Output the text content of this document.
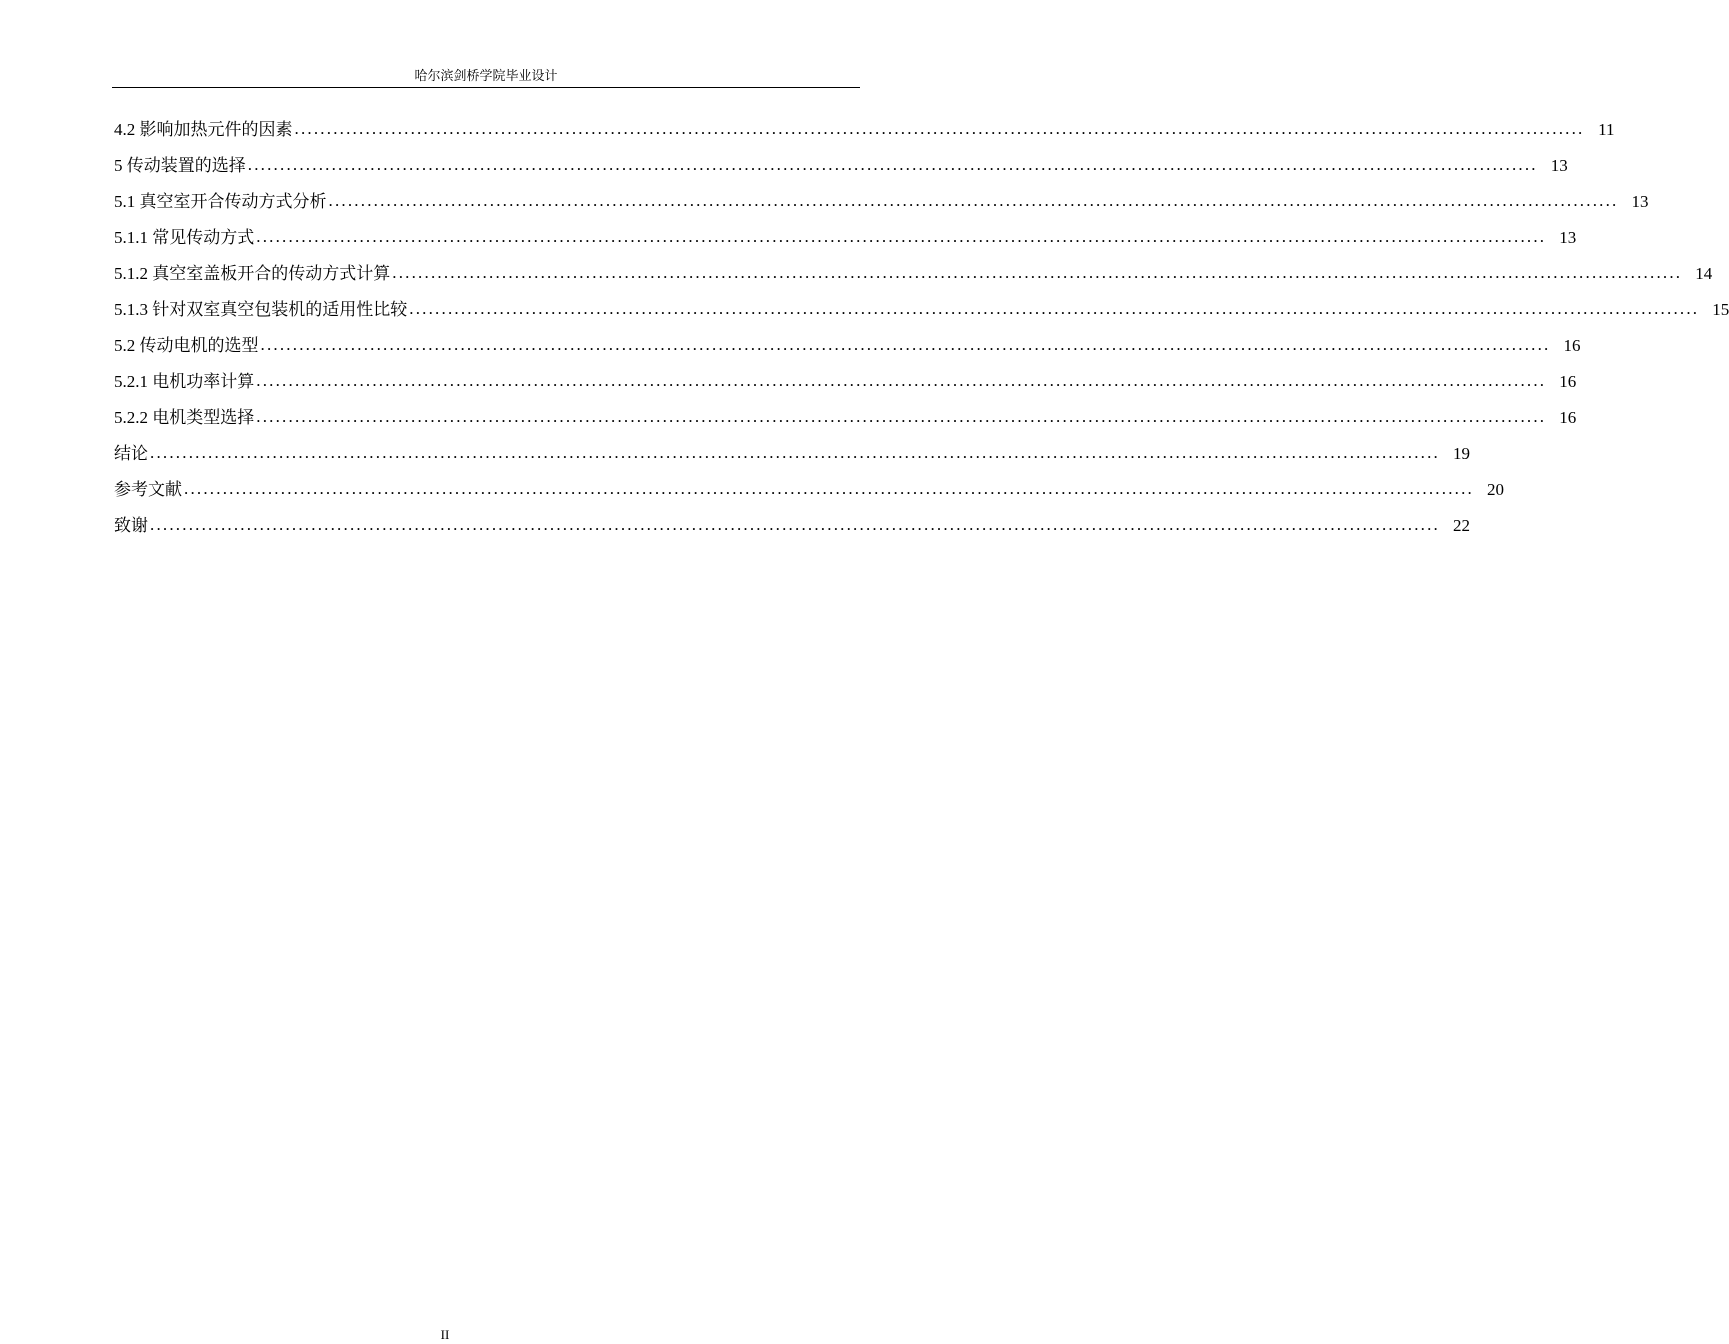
哈尔滨剑桥学院毕业设计
4.2 影响加热元件的因素 ........................................................................................................................................................................................................ 11
5 传动装置的选择 ........................................................................................................................................................................................................ 13
5.1 真空室开合传动方式分析 ........................................................................................................................................................................................................ 13
5.1.1 常见传动方式 ........................................................................................................................................................................................................ 13
5.1.2 真空室盖板开合的传动方式计算 ........................................................................................................................................................................................................ 14
5.1.3 针对双室真空包装机的适用性比较 ........................................................................................................................................................................................................ 15
5.2 传动电机的选型 ........................................................................................................................................................................................................ 16
5.2.1 电机功率计算 ........................................................................................................................................................................................................ 16
5.2.2 电机类型选择 ........................................................................................................................................................................................................ 16
结论 ........................................................................................................................................................................................................ 19
参考文献 ........................................................................................................................................................................................................ 20
致谢 ........................................................................................................................................................................................................ 22
II
